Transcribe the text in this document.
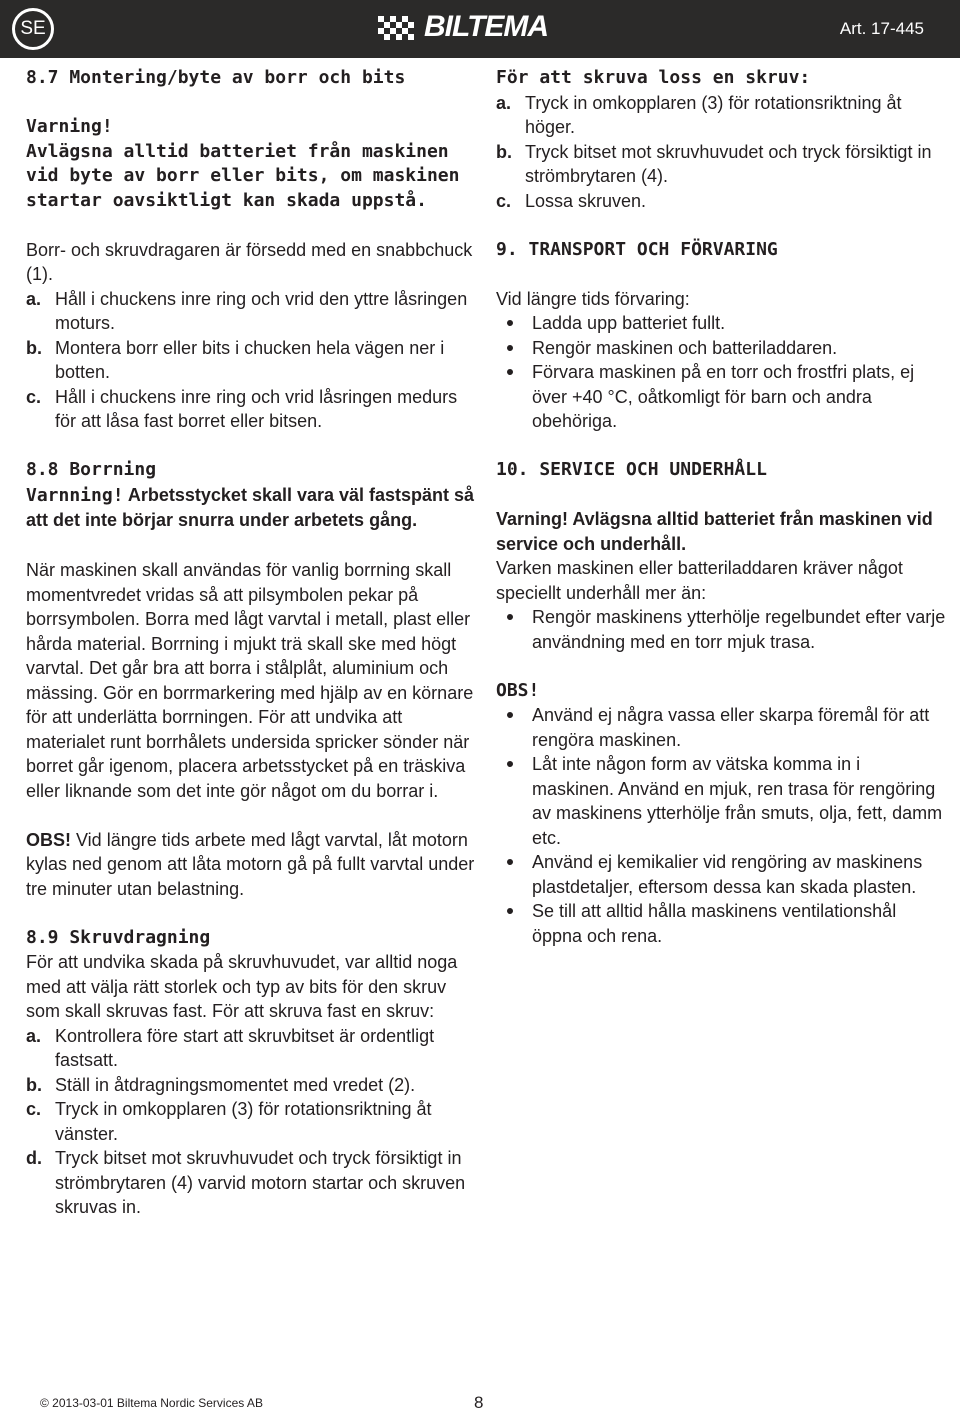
SE	BILTEMA	Art. 17-445
8.7 Montering/byte av borr och bits

Varning!
Avlägsna alltid batteriet från maskinen vid byte av borr eller bits, om maskinen startar oavsiktligt kan skada uppstå.

Borr- och skruvdragaren är försedd med en snabbchuck (1).

a. Håll i chuckens inre ring och vrid den yttre låsringen moturs.
b. Montera borr eller bits i chucken hela vägen ner i botten.
c. Håll i chuckens inre ring och vrid låsringen medurs för att låsa fast borret eller bitsen.
8.8 Borrning

Varnning! Arbetsstycket skall vara väl fastspänt så att det inte börjar snurra under arbetets gång.

När maskinen skall användas för vanlig borrning skall momentvredet vridas så att pilsymbolen pekar på borrsymbolen. Borra med lågt varvtal i metall, plast eller hårda material. Borrning i mjukt trä skall ske med högt varvtal. Det går bra att borra i stålplåt, aluminium och mässing. Gör en borrmarkering med hjälp av en körnare för att underlätta borrningen. För att undvika att materialet runt borrhålets undersida spricker sönder när borret går igenom, placera arbetsstycket på en träskiva eller liknande som det inte gör något om du borrar i.

OBS! Vid längre tids arbete med lågt varvtal, låt motorn kylas ned genom att låta motorn gå på fullt varvtal under tre minuter utan belastning.

8.9 Skruvdragning

För att undvika skada på skruvhuvudet, var alltid noga med att välja rätt storlek och typ av bits för den skruv som skall skruvas fast. För att skruva fast en skruv:

a. Kontrollera före start att skruvbitset är ordentligt fastsatt.
b. Ställ in åtdragningsmomentet med vredet (2).
c. Tryck in omkopplaren (3) för rotationsriktning åt vänster.
d. Tryck bitset mot skruvhuvudet och tryck försiktigt in strömbrytaren (4) varvid motorn startar och skruven skruvas in.
För att skruva loss en skruv:
a. Tryck in omkopplaren (3) för rotationsriktning åt höger.
b. Tryck bitset mot skruvhuvudet och tryck försiktigt in strömbrytaren (4).
c. Lossa skruven.
9. TRANSPORT OCH FÖRVARING

Vid längre tids förvaring:

Ladda upp batteriet fullt.
Rengör maskinen och batteriladdaren.
Förvara maskinen på en torr och frostfri plats, ej över +40 °C, oåtkomligt för barn och andra obehöriga.
10. SERVICE OCH UNDERHÅLL

Varning! Avlägsna alltid batteriet från maskinen vid service och underhåll.

Varken maskinen eller batteriladdaren kräver något speciellt underhåll mer än:

Rengör maskinens ytterhölje regelbundet efter varje användning med en torr mjuk trasa.
OBS!
Använd ej några vassa eller skarpa föremål för att rengöra maskinen.
Låt inte någon form av vätska komma in i maskinen. Använd en mjuk, ren trasa för rengöring av maskinens ytterhölje från smuts, olja, fett, damm etc.
Använd ej kemikalier vid rengöring av maskinens plastdetaljer, eftersom dessa kan skada plasten.
Se till att alltid hålla maskinens ventilationshål öppna och rena.
© 2013-03-01 Biltema Nordic Services AB	8
